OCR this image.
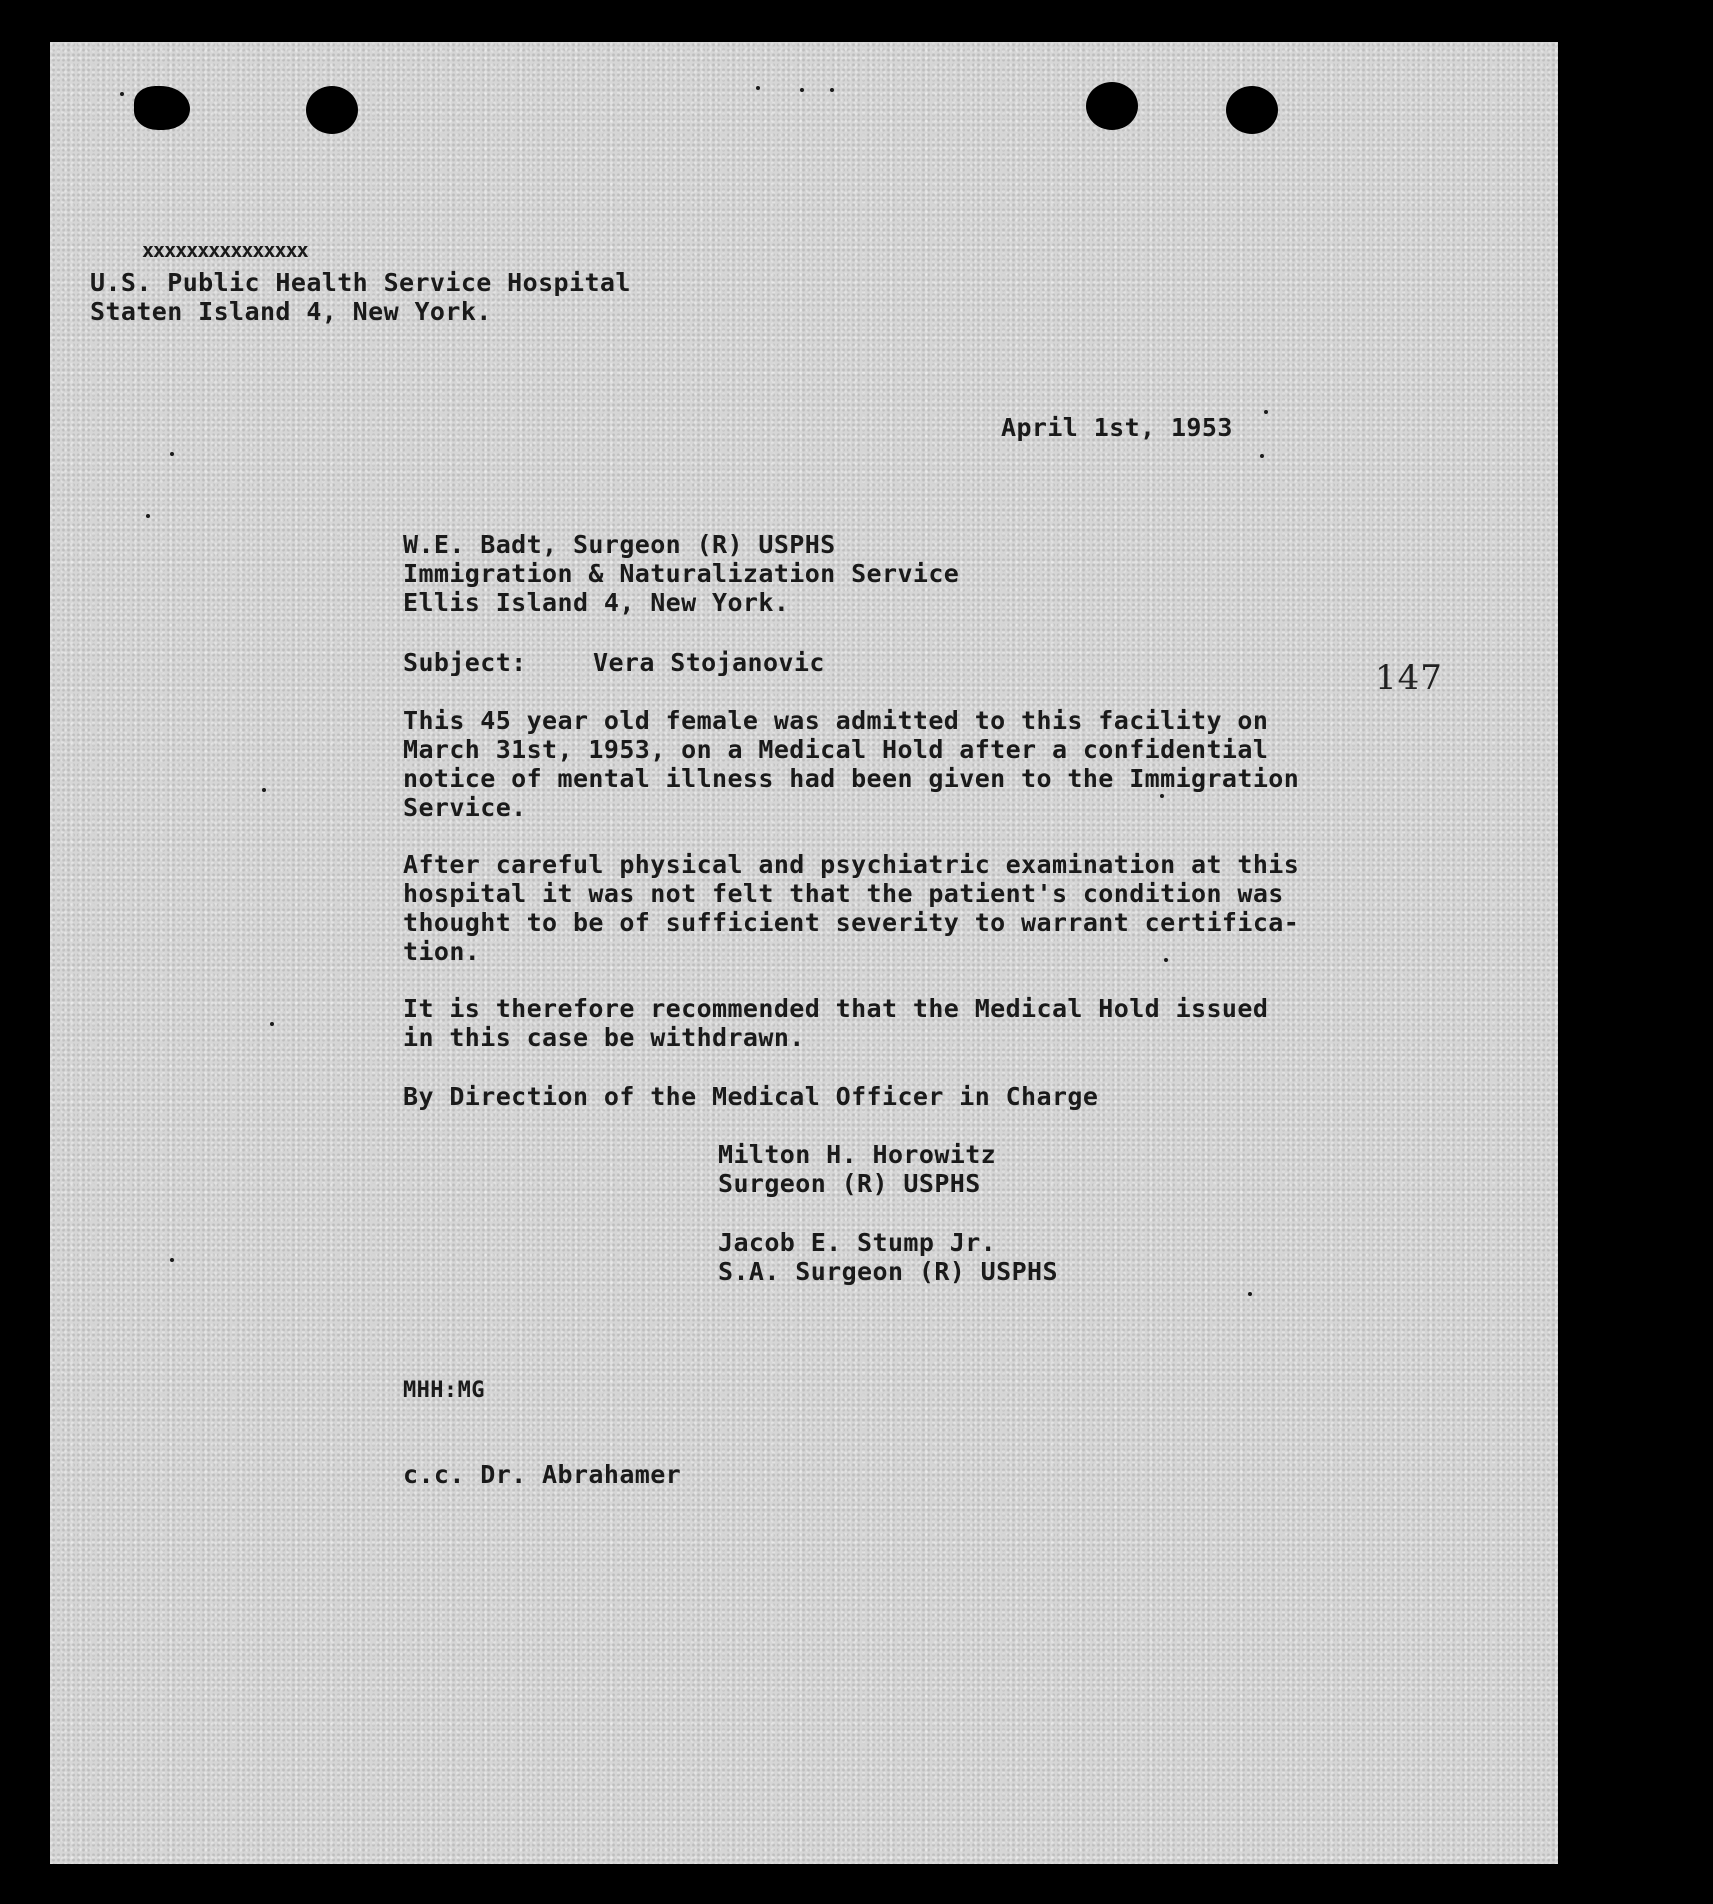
xxxxxxxxxxxxxxx
U.S. Public Health Service Hospital
Staten Island 4, New York.
April 1st, 1953
147
W.E. Badt, Surgeon (R) USPHS
Immigration & Naturalization Service
Ellis Island 4, New York.
Subject:	Vera Stojanovic
This 45 year old female was admitted to this facility on
March 31st, 1953, on a Medical Hold after a confidential
notice of mental illness had been given to the Immigration
Service.
After careful physical and psychiatric examination at this
hospital it was not felt that the patient's condition was
thought to be of sufficient severity to warrant certifica-
tion.
It is therefore recommended that the Medical Hold issued
in this case be withdrawn.
By Direction of the Medical Officer in Charge
Milton H. Horowitz
Surgeon (R) USPHS
Jacob E. Stump Jr.
S.A. Surgeon (R) USPHS
MHH:MG
c.c. Dr. Abrahamer
